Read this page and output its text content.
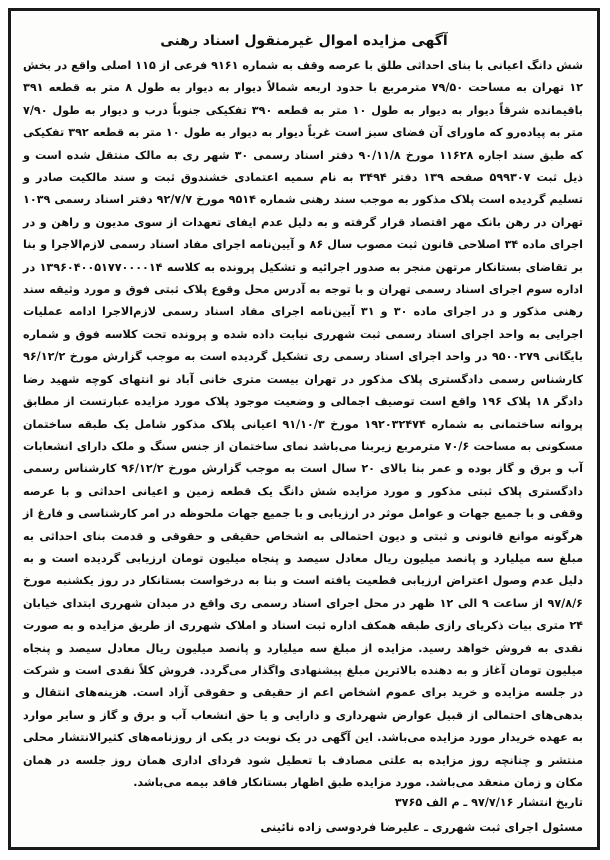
آگهی مزایده اموال غیرمنقول اسناد رهنی

شش دانگ اعیانی با بنای احداثی طلق با عرصه وقف به شماره ۹۱۶۱ فرعی از ۱۱۵ اصلی واقع در بخش ۱۲ تهران به مساحت ۷۹/۵۰ مترمربع با حدود اربعه شمالاً دیوار به دیوار به طول ۸ متر به قطعه ۳۹۱ باقیمانده شرقاً دیوار به دیوار به طول ۱۰ متر به قطعه ۳۹۰ تفکیکی جنوباً درب و دیوار به طول ۷/۹۰ متر به پیاده‌رو که ماورای آن فضای سبز است غرباً دیوار به دیوار به طول ۱۰ متر به قطعه ۳۹۲ تفکیکی که طبق سند اجاره ۱۱۶۲۸ مورخ ۹۰/۱۱/۸ دفتر اسناد رسمی ۳۰ شهر ری به مالک منتقل شده است و ذیل ثبت ۵۹۹۳۰۷ صفحه ۱۳۹ دفتر ۳۴۹۴ به نام سمیه اعتمادی خشندوق ثبت و سند مالکیت صادر و تسلیم گردیده است پلاک مذکور به موجب سند رهنی شماره ۹۵۱۴ مورخ ۹۲/۷/۷ دفتر اسناد رسمی ۱۰۳۹ تهران در رهن بانک مهر اقتصاد قرار گرفته و به دلیل عدم ایفای تعهدات از سوی مدیون و راهن و در اجرای ماده ۳۴ اصلاحی قانون ثبت مصوب سال ۸۶ و آیین‌نامه اجرای مفاد اسناد رسمی لازم‌الاجرا و بنا بر تقاضای بستانکار مرتهن منجر به صدور اجرائیه و تشکیل پرونده به کلاسه ۱۳۹۶۰۴۰۰۵۱۷۷۰۰۰۰۱۴ در اداره سوم اجرای اسناد رسمی تهران و با توجه به آدرس محل وقوع پلاک ثبتی فوق و مورد وثیقه سند رهنی مذکور و در اجرای ماده ۳۰ و ۳۱ آیین‌نامه اجرای مفاد اسناد رسمی لازم‌الاجرا ادامه عملیات اجرایی به واحد اجرای اسناد رسمی ثبت شهرری نیابت داده شده و پرونده تحت کلاسه فوق و شماره بایگانی ۹۵۰۰۲۷۹ در واحد اجرای اسناد رسمی ری تشکیل گردیده است به موجب گزارش مورخ ۹۶/۱۲/۲ کارشناس رسمی دادگستری پلاک مذکور در تهران بیست متری خانی آباد نو انتهای کوچه شهید رضا دادگر ۱۸ پلاک ۱۹۶ واقع است توصیف اجمالی و وضعیت موجود پلاک مورد مزایده عبارتست از مطابق پروانه ساختمانی به شماره ۱۹۲۰۳۲۴۷۴ مورخ ۹۱/۱۰/۳ اعیانی پلاک مذکور شامل یک طبقه ساختمان مسکونی به مساحت ۷۰/۶ مترمربع زیربنا می‌باشد نمای ساختمان از جنس سنگ و ملک دارای انشعابات آب و برق و گاز بوده و عمر بنا بالای ۲۰ سال است به موجب گزارش مورخ ۹۶/۱۲/۲ کارشناس رسمی دادگستری پلاک ثبتی مذکور و مورد مزایده شش دانگ یک قطعه زمین و اعیانی احداثی و با عرصه وقفی و با جمیع جهات و عوامل موثر در ارزیابی و با جمیع جهات ملحوظه در امر کارشناسی و فارغ از هرگونه موانع قانونی و ثبتی و دیون احتمالی به اشخاص حقیقی و حقوقی و قدمت بنای احداثی به مبلغ سه میلیارد و پانصد میلیون ریال معادل سیصد و پنجاه میلیون تومان ارزیابی گردیده است و به دلیل عدم وصول اعتراض ارزیابی قطعیت یافته است و بنا به درخواست بستانکار در روز یکشنبه مورخ ۹۷/۸/۶ از ساعت ۹ الی ۱۲ ظهر در محل اجرای اسناد رسمی ری واقع در میدان شهرری ابتدای خیابان ۲۴ متری بیات ذکریای رازی طبقه همکف اداره ثبت اسناد و املاک شهرری از طریق مزایده و به صورت نقدی به فروش خواهد رسید. مزایده از مبلغ سه میلیارد و پانصد میلیون ریال معادل سیصد و پنجاه میلیون تومان آغاز و به دهنده بالاترین مبلغ پیشنهادی واگذار می‌گردد. فروش کلاً نقدی است و شرکت در جلسه مزایده و خرید برای عموم اشخاص اعم از حقیقی و حقوقی آزاد است. هزینه‌های انتقال و بدهی‌های احتمالی از قبیل عوارض شهرداری و دارایی و یا حق انشعاب آب و برق و گاز و سایر موارد به عهده خریدار مورد مزایده می‌باشد. این آگهی در یک نوبت در یکی از روزنامه‌های کثیرالانتشار محلی منتشر و چنانچه روز مزایده به علتی مصادف با تعطیل شود فردای اداری همان روز جلسه در همان مکان و زمان منعقد می‌باشد. مورد مزایده طبق اظهار بستانکار فاقد بیمه می‌باشد.

تاریخ انتشار ۹۷/۷/۱۶ ـ م الف ۳۷۶۵
مسئول اجرای ثبت شهرری ـ علیرضا فردوسی زاده نائینی
